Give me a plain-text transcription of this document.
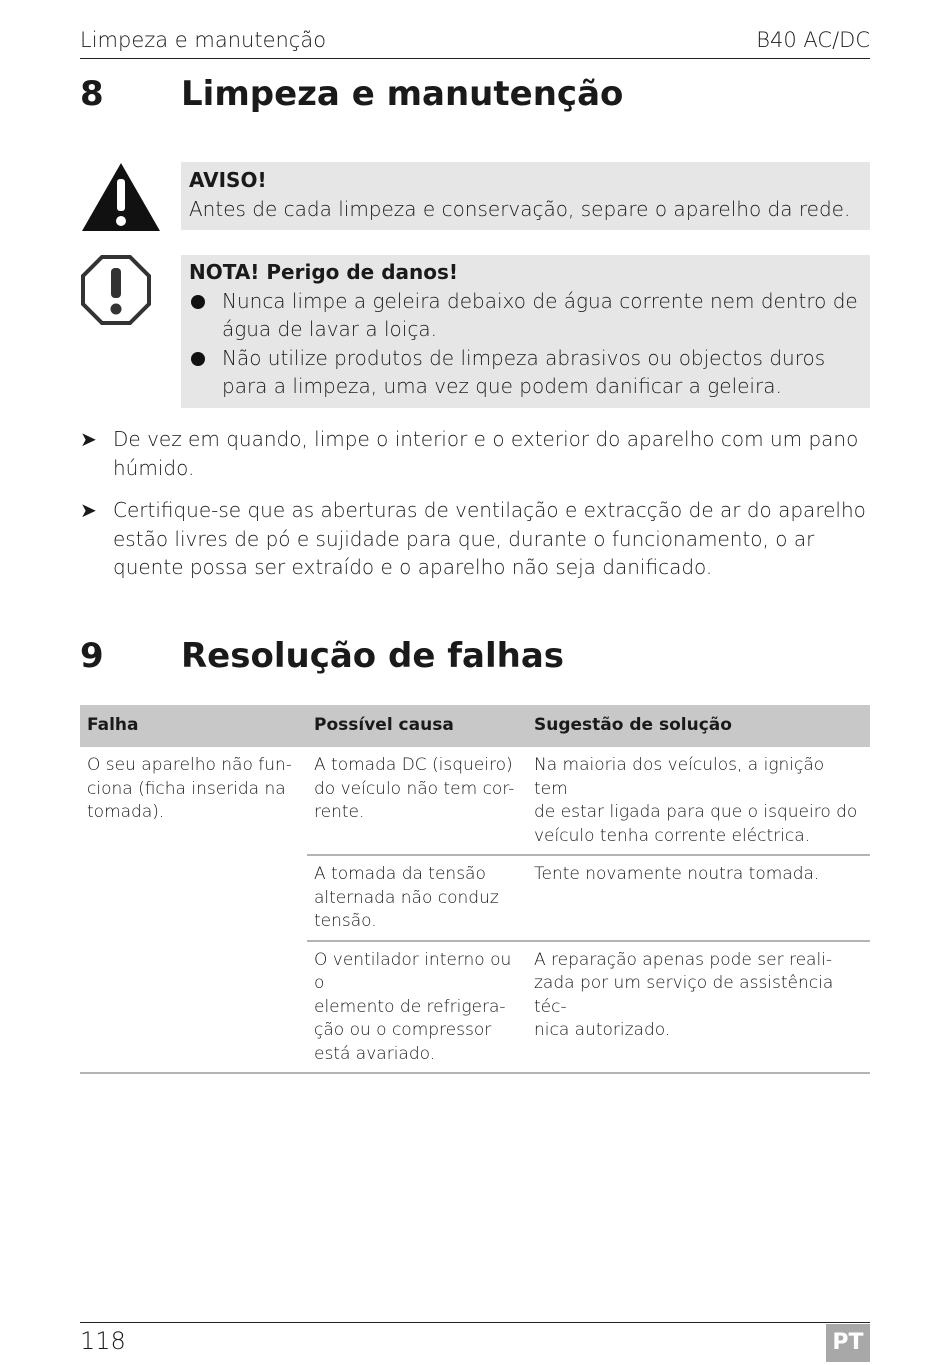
Limpeza e manutenção	B40 AC/DC
8 Limpeza e manutenção
AVISO!
Antes de cada limpeza e conservação, separe o aparelho da rede.
NOTA! Perigo de danos!
Nunca limpe a geleira debaixo de água corrente nem dentro de água de lavar a loiça.
Não utilize produtos de limpeza abrasivos ou objectos duros para a limpeza, uma vez que podem danificar a geleira.
➤ De vez em quando, limpe o interior e o exterior do aparelho com um pano húmido.
➤ Certifique-se que as aberturas de ventilação e extracção de ar do aparelho estão livres de pó e sujidade para que, durante o funcionamento, o ar quente possa ser extraído e o aparelho não seja danificado.
9 Resolução de falhas
Falha	Possível causa	Sugestão de solução
O seu aparelho não fun-
ciona (ficha inserida na
tomada).	A tomada DC (isqueiro)
do veículo não tem cor-
rente.	Na maioria dos veículos, a ignição tem
de estar ligada para que o isqueiro do
veículo tenha corrente eléctrica.
	A tomada da tensão
alternada não conduz
tensão.	Tente novamente noutra tomada.
	O ventilador interno ou o
elemento de refrigera-
ção ou o compressor
está avariado.	A reparação apenas pode ser reali-
zada por um serviço de assistência téc-
nica autorizado.
118	PT
